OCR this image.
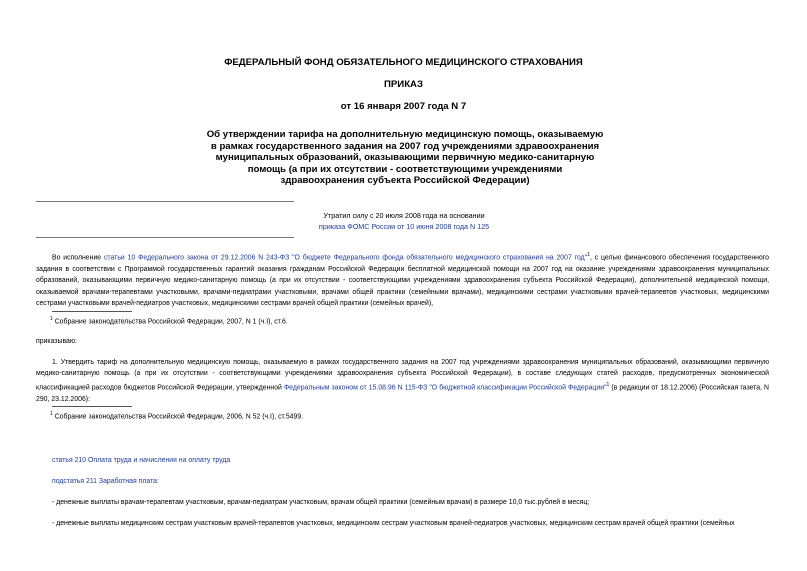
ФЕДЕРАЛЬНЫЙ ФОНД ОБЯЗАТЕЛЬНОГО МЕДИЦИНСКОГО СТРАХОВАНИЯ
ПРИКАЗ
от 16 января 2007 года N 7
Об утверждении тарифа на дополнительную медицинскую помощь, оказываемую в рамках государственного задания на 2007 год учреждениями здравоохранения муниципальных образований, оказывающими первичную медико-санитарную помощь (а при их отсутствии - соответствующими учреждениями здравоохранения субъекта Российской Федерации)
Утратил силу с 20 июля 2008 года на основании
приказа ФОМС России от 10 июня 2008 года N 125
Во исполнение статьи 10 Федерального закона от 29.12.2006 N 243-ФЗ "О бюджете Федерального фонда обязательного медицинского страхования на 2007 год"$^1$, с целью финансового обеспечения государственного задания в соответствии с Программой государственных гарантий оказания гражданам Российской Федерации бесплатной медицинской помощи на 2007 год на оказание учреждениями здравоохранения муниципальных образований, оказывающими первичную медико-санитарную помощь (а при их отсутствии - соответствующими учреждениями здравоохранения субъекта Российской Федерации), дополнительной медицинской помощи, оказываемой врачами-терапевтами участковыми, врачами-педиатрами участковыми, врачами общей практики (семейными врачами), медицинскими сестрами участковыми врачей-терапевтов участковых, медицинскими сестрами участковыми врачей-педиатров участковых, медицинскими сестрами врачей общей практики (семейных врачей),
$^1$ Собрание законодательства Российской Федерации, 2007, N 1 (ч.I), ст.6.
приказываю:
1. Утвердить тариф на дополнительную медицинскую помощь, оказываемую в рамках государственного задания на 2007 год учреждениями здравоохранения муниципальных образований, оказывающими первичную медико-санитарную помощь (а при их отсутствии - соответствующими учреждениями здравоохранения субъекта Российской Федерации), в составе следующих статей расходов, предусмотренных экономической классификацией расходов бюджетов Российской Федерации, утвержденной Федеральным законом от 15.08.96 N 115-ФЗ "О бюджетной классификации Российской Федерации"$^1$ (в редакции от 18.12.2006) (Российская газета, N 290, 23.12.2006):
$^1$ Собрание законодательства Российской Федерации, 2006, N 52 (ч.I), ст.5499.
статья 210 Оплата труда и начисления на оплату труда
подстатья 211 Заработная плата:
- денежные выплаты врачам-терапевтам участковым, врачам-педиатрам участковым, врачам общей практики (семейным врачам) в размере 10,0 тыс.рублей в месяц;
- денежные выплаты медицинским сестрам участковым врачей-терапевтов участковых, медицинским сестрам участковым врачей-педиатров участковых, медицинским сестрам врачей общей практики (семейных
